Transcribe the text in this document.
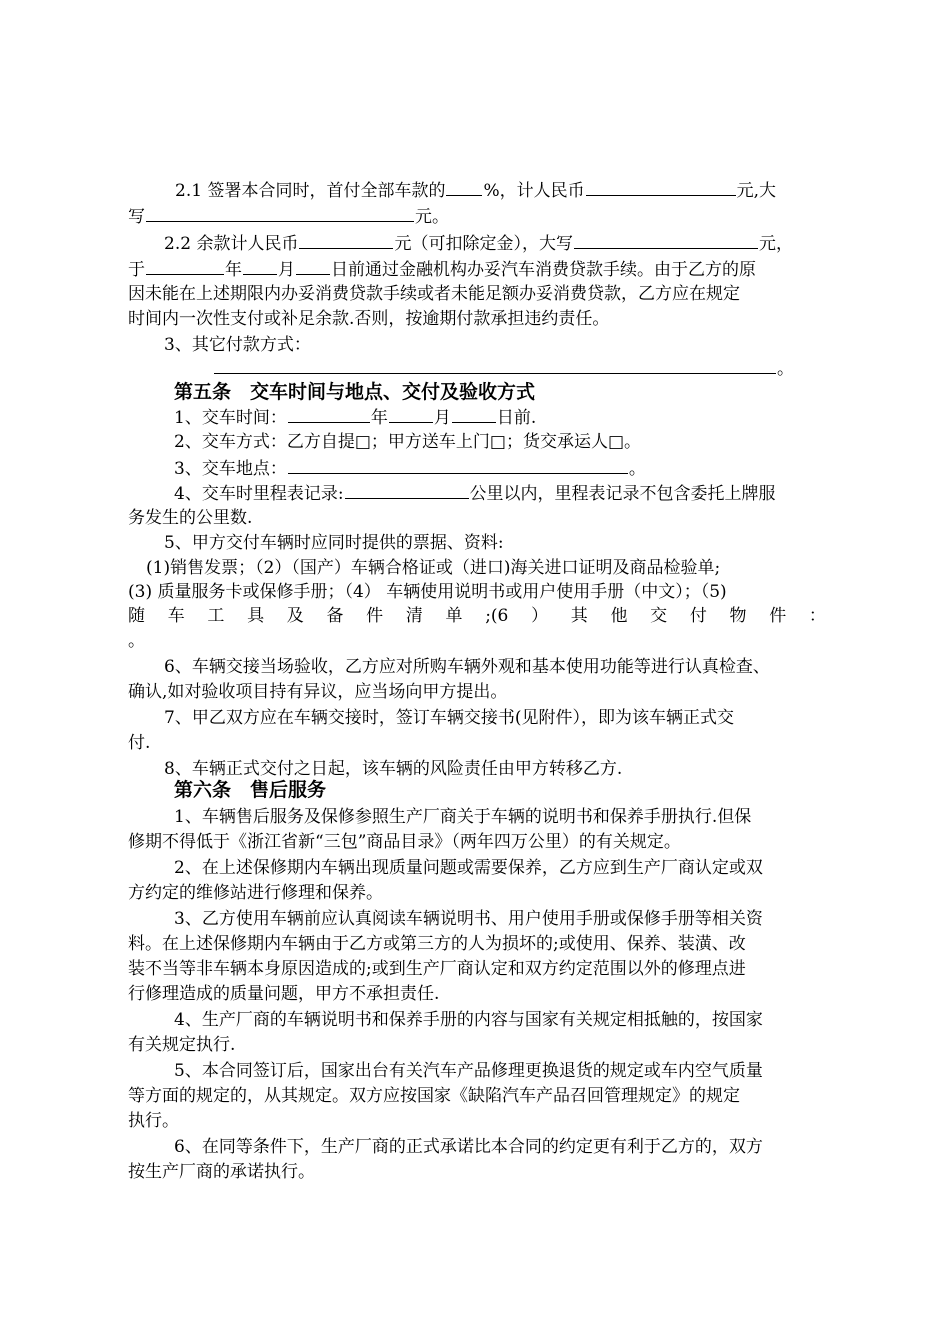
2.1 签署本合同时，首付全部车款的 %，计人民币	元,大
写	元。
2.2 余款计人民币	元（可扣除定金），大写	元，
于	年 月 日前通过金融机构办妥汽车消费贷款手续。由于乙方的原
因未能在上述期限内办妥消费贷款手续或者未能足额办妥消费贷款，乙方应在规定
时间内一次性支付或补足余款.否则，按逾期付款承担违约责任。
3、其它付款方式：
。
第五条　交车时间与地点、交付及验收方式
1、交车时间：	年	月	日前.
2、交车方式：乙方自提□；甲方送车上门□；货交承运人□。
3、交车地点：	。
4、交车时里程表记录:	公里以内，里程表记录不包含委托上牌服
务发生的公里数.
5、甲方交付车辆时应同时提供的票据、资料:
(1)销售发票；（2）（国产）车辆合格证或（进口)海关进口证明及商品检验单;
(3) 质量服务卡或保修手册；（4） 车辆使用说明书或用户使用手册（中文）；（5)
随 车 工 具 及 备 件 清 单 ;(6 ） 其 他 交 付 物 件 ：
。
6、车辆交接当场验收，乙方应对所购车辆外观和基本使用功能等进行认真检查、
确认,如对验收项目持有异议，应当场向甲方提出。
7、甲乙双方应在车辆交接时，签订车辆交接书(见附件），即为该车辆正式交
付.
8、车辆正式交付之日起，该车辆的风险责任由甲方转移乙方.
第六条　售后服务
1、车辆售后服务及保修参照生产厂商关于车辆的说明书和保养手册执行.但保
修期不得低于《浙江省新“三包”商品目录》（两年四万公里）的有关规定。
2、在上述保修期内车辆出现质量问题或需要保养，乙方应到生产厂商认定或双
方约定的维修站进行修理和保养。
3、乙方使用车辆前应认真阅读车辆说明书、用户使用手册或保修手册等相关资
料。在上述保修期内车辆由于乙方或第三方的人为损坏的;或使用、保养、装潢、改
装不当等非车辆本身原因造成的;或到生产厂商认定和双方约定范围以外的修理点进
行修理造成的质量问题，甲方不承担责任.
4、生产厂商的车辆说明书和保养手册的内容与国家有关规定相抵触的，按国家
有关规定执行.
5、本合同签订后，国家出台有关汽车产品修理更换退货的规定或车内空气质量
等方面的规定的，从其规定。双方应按国家《缺陷汽车产品召回管理规定》的规定
执行。
6、在同等条件下，生产厂商的正式承诺比本合同的约定更有利于乙方的，双方
按生产厂商的承诺执行。
